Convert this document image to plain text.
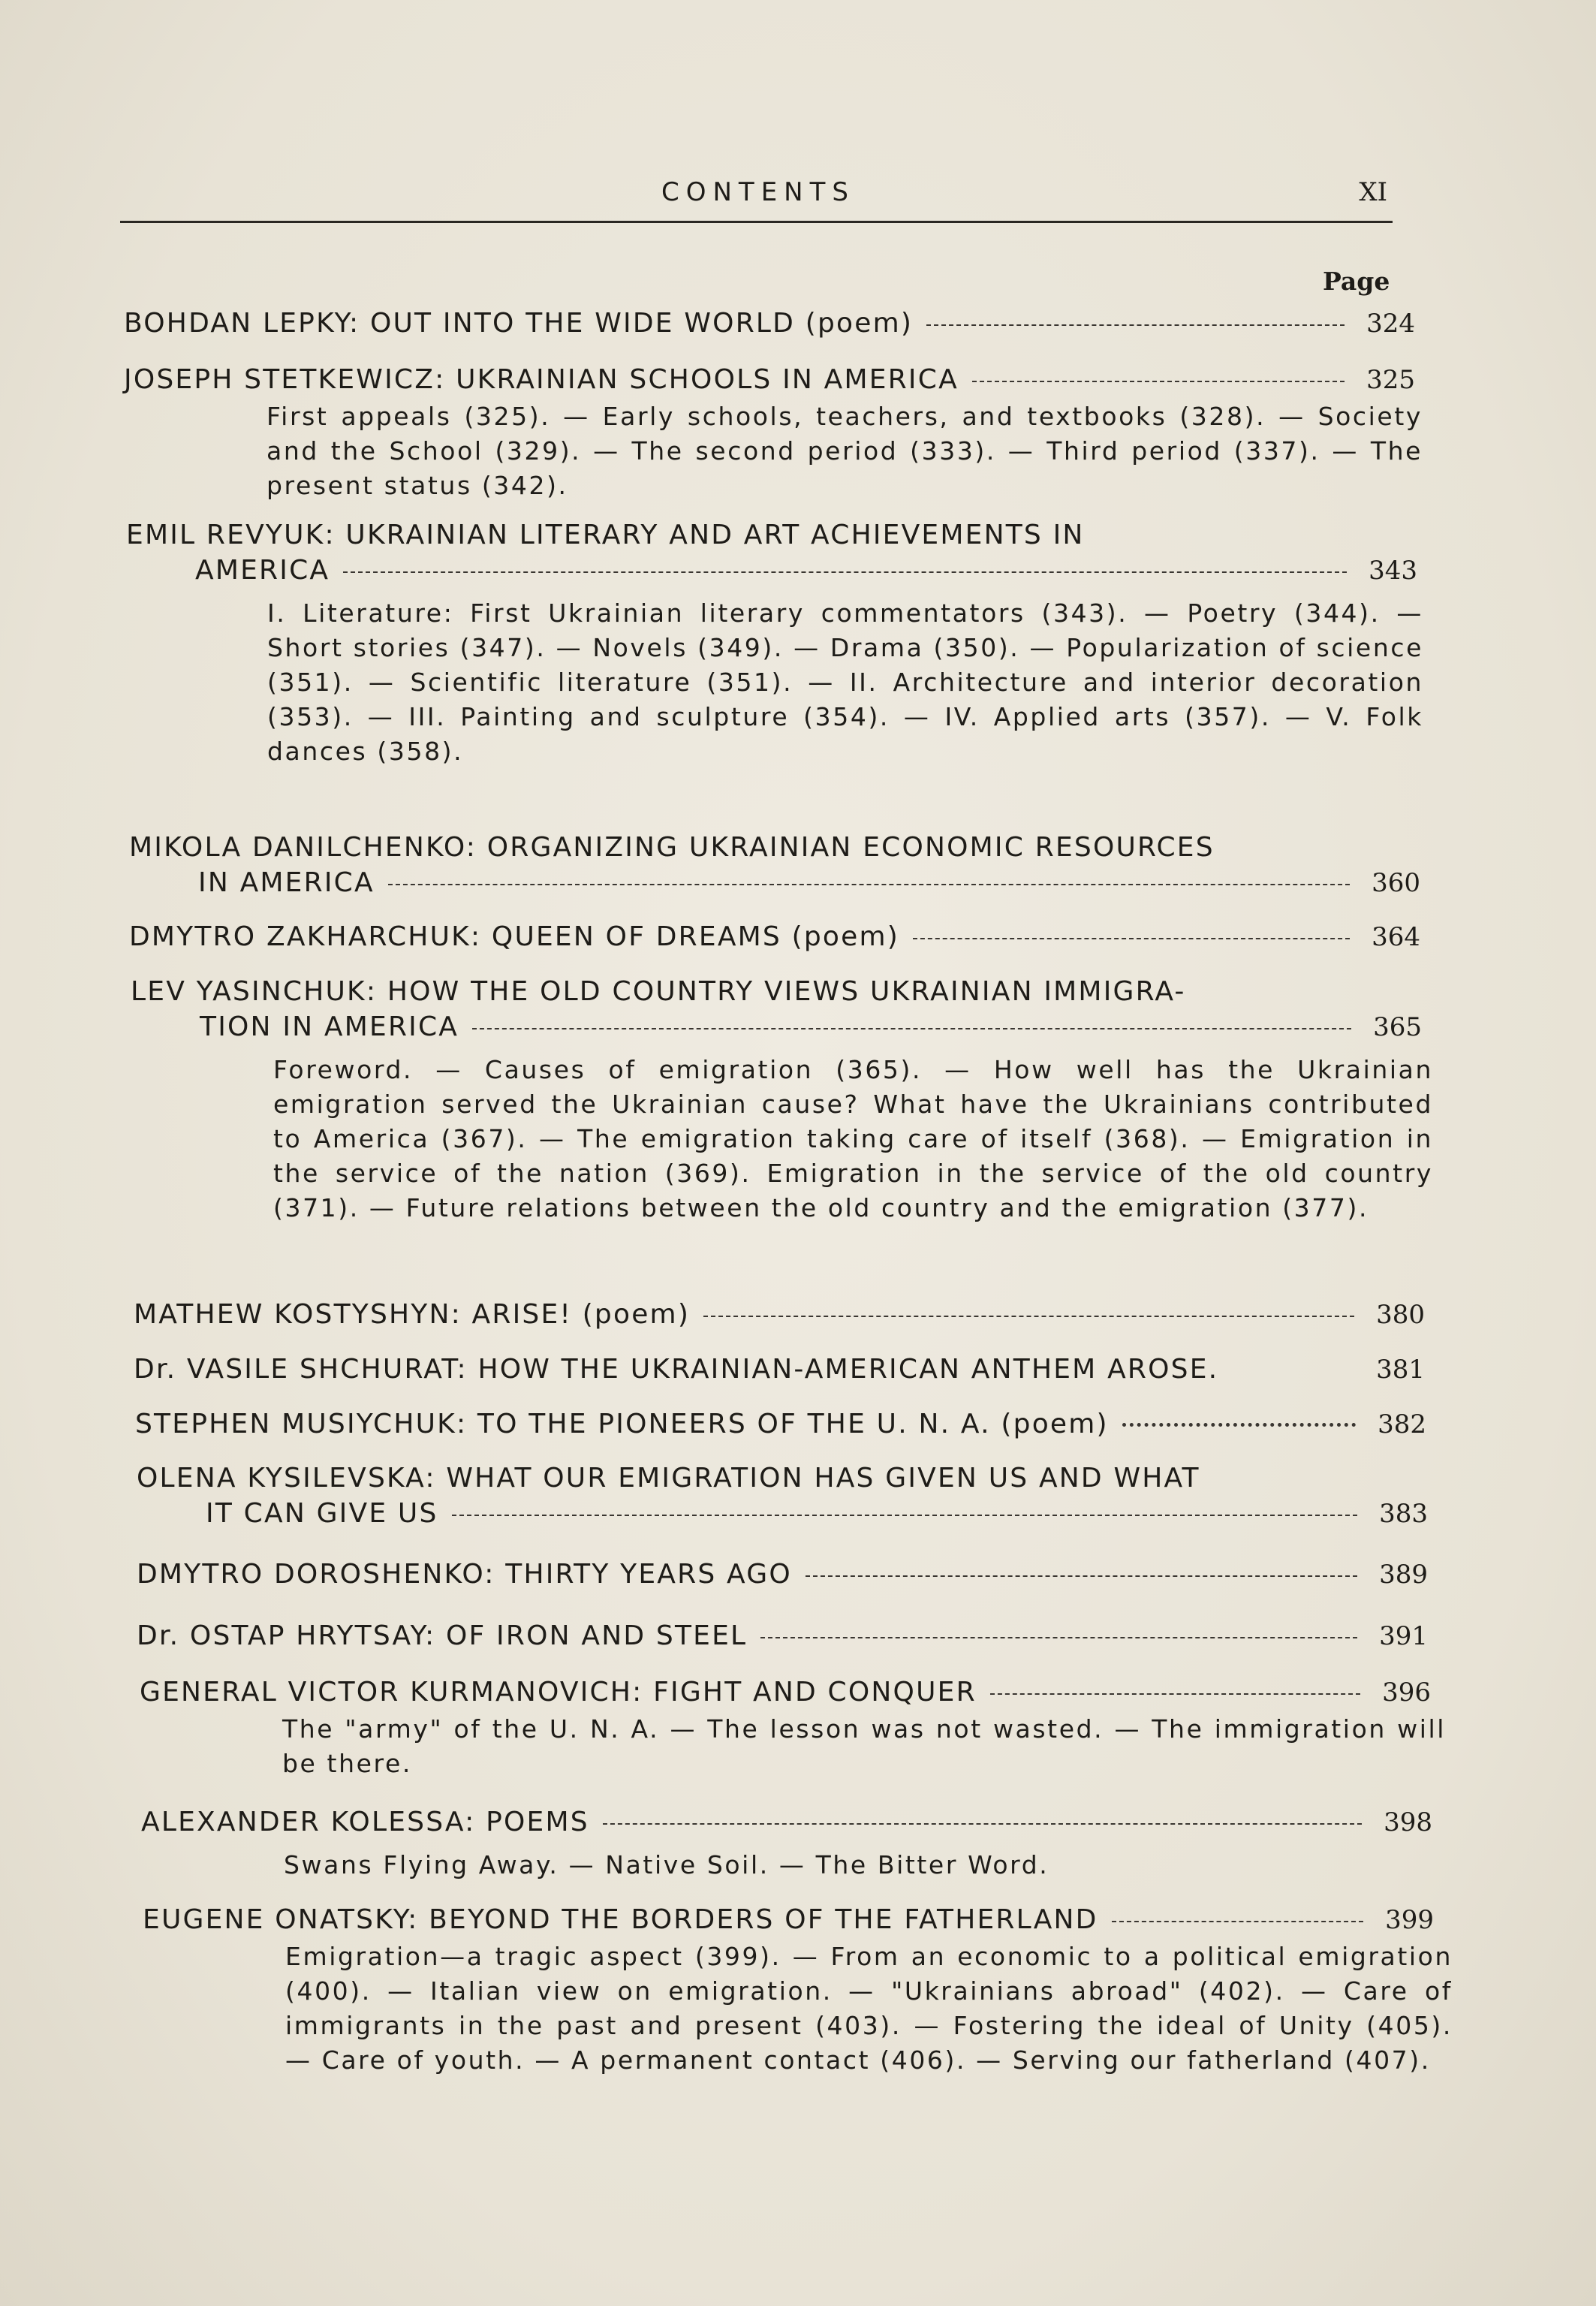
CONTENTS	XI
Page
BOHDAN LEPKY: OUT INTO THE WIDE WORLD (poem)	324
JOSEPH STETKEWICZ: UKRAINIAN SCHOOLS IN AMERICA	325
First appeals (325). — Early schools, teachers, and textbooks (328). — Society and the School (329). — The second period (333). — Third period (337). — The present status (342).
EMIL REVYUK: UKRAINIAN LITERARY AND ART ACHIEVEMENTS IN
AMERICA	343
I. Literature: First Ukrainian literary commentators (343). — Poetry (344). — Short stories (347). — Novels (349). — Drama (350). — Popularization of science (351). — Scientific literature (351). — II. Architecture and interior decoration (353). — III. Painting and sculpture (354). — IV. Applied arts (357). — V. Folk dances (358).
MIKOLA DANILCHENKO: ORGANIZING UKRAINIAN ECONOMIC RESOURCES
IN AMERICA	360
DMYTRO ZAKHARCHUK: QUEEN OF DREAMS (poem)	364
LEV YASINCHUK: HOW THE OLD COUNTRY VIEWS UKRAINIAN IMMIGRA-
TION IN AMERICA	365
Foreword. — Causes of emigration (365). — How well has the Ukrainian emigration served the Ukrainian cause? What have the Ukrainians contributed to America (367). — The emigration taking care of itself (368). — Emigration in the service of the nation (369). Emigration in the service of the old country (371). — Future relations between the old country and the emigration (377).
MATHEW KOSTYSHYN: ARISE! (poem)	380
Dr. VASILE SHCHURAT: HOW THE UKRAINIAN-AMERICAN ANTHEM AROSE.	381
STEPHEN MUSIYCHUK: TO THE PIONEERS OF THE U. N. A. (poem)	382
OLENA KYSILEVSKA: WHAT OUR EMIGRATION HAS GIVEN US AND WHAT
IT CAN GIVE US	383
DMYTRO DOROSHENKO: THIRTY YEARS AGO	389
Dr. OSTAP HRYTSAY: OF IRON AND STEEL	391
GENERAL VICTOR KURMANOVICH: FIGHT AND CONQUER	396
The "army" of the U. N. A. — The lesson was not wasted. — The immigration will be there.
ALEXANDER KOLESSA: POEMS	398
Swans Flying Away. — Native Soil. — The Bitter Word.
EUGENE ONATSKY: BEYOND THE BORDERS OF THE FATHERLAND	399
Emigration—a tragic aspect (399). — From an economic to a political emigration (400). — Italian view on emigration. — "Ukrainians abroad" (402). — Care of immigrants in the past and present (403). — Fostering the ideal of Unity (405). — Care of youth. — A permanent contact (406). — Serving our fatherland (407).
